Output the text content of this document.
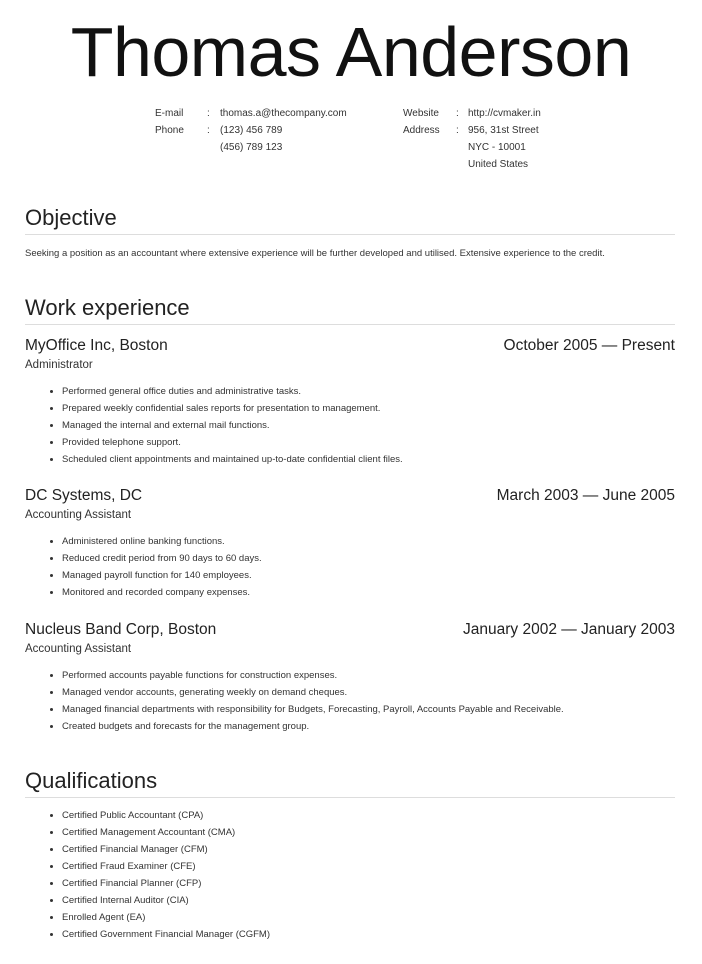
Thomas Anderson
E-mail : thomas.a@thecompany.com
Phone : (123) 456 789
(456) 789 123
Website : http://cvmaker.in
Address : 956, 31st Street
NYC - 10001
United States
Objective
Seeking a position as an accountant where extensive experience will be further developed and utilised. Extensive experience to the credit.
Work experience
MyOffice Inc, Boston	October 2005 — Present
Administrator
• Performed general office duties and administrative tasks.
• Prepared weekly confidential sales reports for presentation to management.
• Managed the internal and external mail functions.
• Provided telephone support.
• Scheduled client appointments and maintained up-to-date confidential client files.
DC Systems, DC	March 2003 — June 2005
Accounting Assistant
• Administered online banking functions.
• Reduced credit period from 90 days to 60 days.
• Managed payroll function for 140 employees.
• Monitored and recorded company expenses.
Nucleus Band Corp, Boston	January 2002 — January 2003
Accounting Assistant
• Performed accounts payable functions for construction expenses.
• Managed vendor accounts, generating weekly on demand cheques.
• Managed financial departments with responsibility for Budgets, Forecasting, Payroll, Accounts Payable and Receivable.
• Created budgets and forecasts for the management group.
Qualifications
• Certified Public Accountant (CPA)
• Certified Management Accountant (CMA)
• Certified Financial Manager (CFM)
• Certified Fraud Examiner (CFE)
• Certified Financial Planner (CFP)
• Certified Internal Auditor (CIA)
• Enrolled Agent (EA)
• Certified Government Financial Manager (CGFM)
